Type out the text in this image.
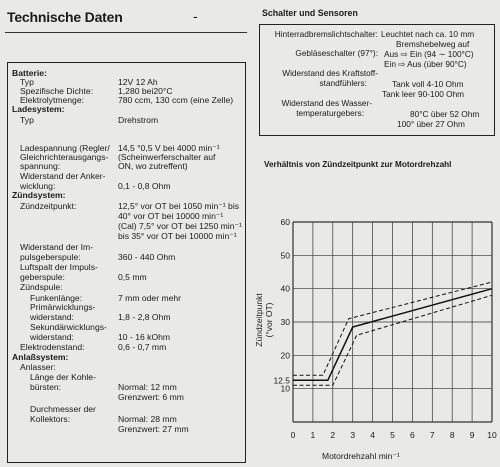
Technische Daten	-
Batterie:
Typ	12V 12 Ah
Spezifische Dichte:	1,280 bei20°C
Elektrolytmenge:	780 ccm, 130 ccm (eine Zelle)
Ladesystem:
Typ	Drehstrom
Ladespannung (Regler/
Gleichrichterausgangs-
spannung:
14,5 °0,5 V bei 4000 min⁻¹
(Scheinwerferschalter auf
ON, wo zutreffent)
Widerstand der Anker-
wicklung:	0,1 - 0,8 Ohm
Zündsystem:
Zündzeitpunkt:	12,5° vor OT bei 1050 min⁻¹ bis
40° vor OT bei 10000 min⁻¹
(Cal) 7,5° vor OT bei 1250 min⁻¹
bis 35° vor OT bei 10000 min⁻¹
Widerstand der Im-
pulsgeberspule:	360 - 440 Ohm
Luftspalt der Impuls-
geberspule:	0,5 mm
Zündspule:
Funkenlänge:	7 mm oder mehr
Primärwicklungs-
widerstand:	1,8 - 2,8 Ohm
Sekundärwicklungs-
widerstand:	10 - 16 kOhm
Elektrodenstand:	0,6 - 0,7 mm
Anlaßsystem:
Anlasser:
Länge der Kohle-
bürsten:	Normal: 12 mm
Grenzwert: 6 mm
Durchmesser der
Kollektors:	Normal: 28 mm
Grenzwert: 27 mm
Schalter und Sensoren
Hinterradbremslichtschalter: Leuchtet nach ca. 10 mm
Bremshebelweg auf
Gebläseschalter (97°): Aus ⇨ Ein (94 ∼ 100°C)
Ein ⇨ Aus (über 90°C)
Widerstand des Kraftstoff-
standfühlers:	Tank voll 4-10 Ohm
Tank leer 90-100 Ohm
Widerstand des Wasser-
temperaturgebers:	80°C über 52 Ohm
100° über 27 Ohm
Verhältnis von Zündzeitpunkt zur Motordrehzahl
60
50
40
30
20
12.5
10
0 1 2 3 4 5 6 7 8 9 10
Zündzeitpunkt (°vor OT)
Motordrehzahl min⁻¹
